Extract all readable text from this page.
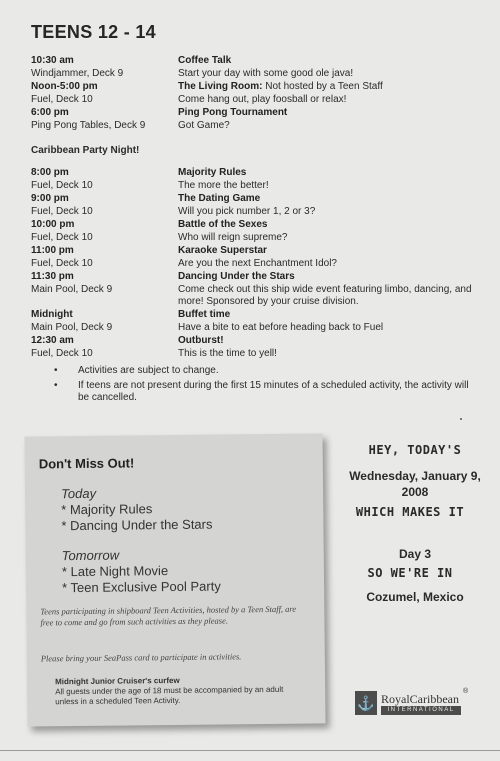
TEENS 12 - 14
10:30 am
Windjammer, Deck 9
Coffee Talk
Start your day with some good ole java!
Noon-5:00 pm
Fuel, Deck 10
The Living Room: Not hosted by a Teen Staff
Come hang out, play foosball or relax!
6:00 pm
Ping Pong Tables, Deck 9
Ping Pong Tournament
Got Game?
Caribbean Party Night!
8:00 pm
Fuel, Deck 10
Majority Rules
The more the better!
9:00 pm
Fuel, Deck 10
The Dating Game
Will you pick number 1, 2 or 3?
10:00 pm
Fuel, Deck 10
Battle of the Sexes
Who will reign supreme?
11:00 pm
Fuel, Deck 10
Karaoke Superstar
Are you the next Enchantment Idol?
11:30 pm
Main Pool, Deck 9
Dancing Under the Stars
Come check out this ship wide event featuring limbo, dancing, and more! Sponsored by your cruise division.
Midnight
Main Pool, Deck 9
Buffet time
Have a bite to eat before heading back to Fuel
12:30 am
Fuel, Deck 10
Outburst!
This is the time to yell!
• Activities are subject to change.
• If teens are not present during the first 15 minutes of a scheduled activity, the activity will be cancelled.
Don't Miss Out!
Today
* Majority Rules
* Dancing Under the Stars
Tomorrow
* Late Night Movie
* Teen Exclusive Pool Party
Teens participating in shipboard Teen Activities, hosted by a Teen Staff, are free to come and go from such activities as they please.
Please bring your SeaPass card to participate in activities.
Midnight Junior Cruiser's curfew
All guests under the age of 18 must be accompanied by an adult unless in a scheduled Teen Activity.
HEY, TODAY'S
Wednesday, January 9,
2008
WHICH MAKES IT
Day 3
SO WE'RE IN
Cozumel, Mexico
⚓ RoyalCaribbean
INTERNATIONAL
®
